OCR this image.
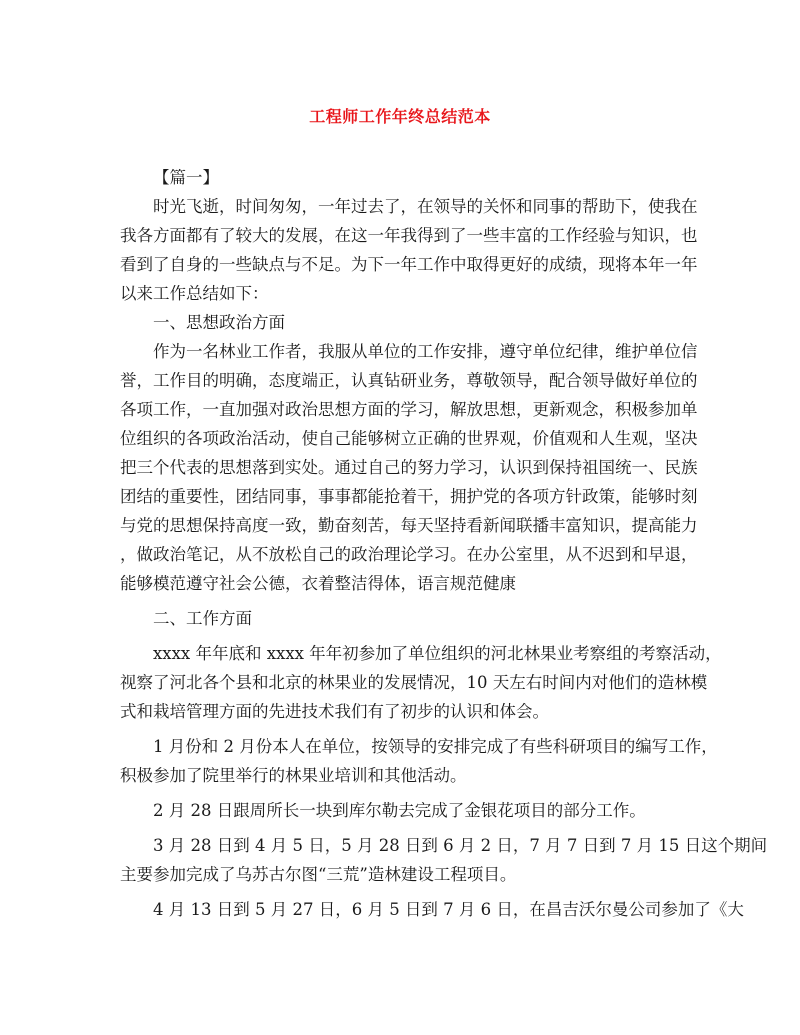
工程师工作年终总结范本
【篇一】
时光飞逝，时间匆匆，一年过去了，在领导的关怀和同事的帮助下，使我在
我各方面都有了较大的发展，在这一年我得到了一些丰富的工作经验与知识，也
看到了自身的一些缺点与不足。为下一年工作中取得更好的成绩，现将本年一年
以来工作总结如下：
一、思想政治方面
作为一名林业工作者，我服从单位的工作安排，遵守单位纪律，维护单位信
誉，工作目的明确，态度端正，认真钻研业务，尊敬领导，配合领导做好单位的
各项工作，一直加强对政治思想方面的学习，解放思想，更新观念，积极参加单
位组织的各项政治活动，使自己能够树立正确的世界观，价值观和人生观，坚决
把三个代表的思想落到实处。通过自己的努力学习，认识到保持祖国统一、民族
团结的重要性，团结同事，事事都能抢着干，拥护党的各项方针政策，能够时刻
与党的思想保持高度一致，勤奋刻苦，每天坚持看新闻联播丰富知识，提高能力
，做政治笔记，从不放松自己的政治理论学习。在办公室里，从不迟到和早退，
能够模范遵守社会公德，衣着整洁得体，语言规范健康
二、工作方面
xxxx 年年底和 xxxx 年年初参加了单位组织的河北林果业考察组的考察活动，
视察了河北各个县和北京的林果业的发展情况，10 天左右时间内对他们的造林模
式和栽培管理方面的先进技术我们有了初步的认识和体会。
1 月份和 2 月份本人在单位，按领导的安排完成了有些科研项目的编写工作，
积极参加了院里举行的林果业培训和其他活动。
2 月 28 日跟周所长一块到库尔勒去完成了金银花项目的部分工作。
3 月 28 日到 4 月 5 日，5 月 28 日到 6 月 2 日，7 月 7 日到 7 月 15 日这个期间
主要参加完成了乌苏古尔图“三荒”造林建设工程项目。
4 月 13 日到 5 月 27 日，6 月 5 日到 7 月 6 日，在昌吉沃尔曼公司参加了《大
